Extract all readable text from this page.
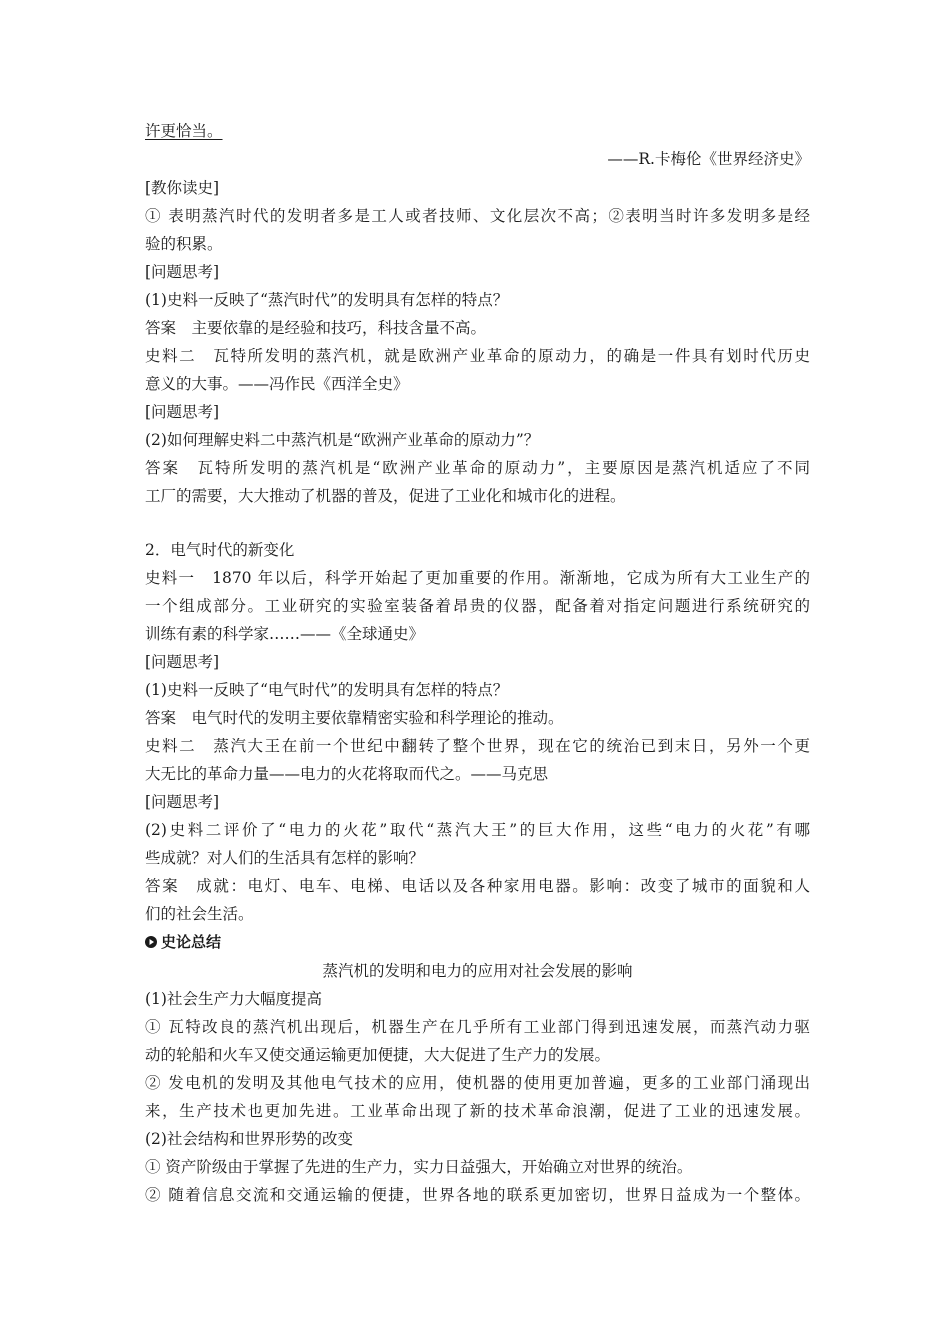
许更恰当。
——R.卡梅伦《世界经济史》
[教你读史]
① 表明蒸汽时代的发明者多是工人或者技师、文化层次不高；②表明当时许多发明多是经
验的积累。
[问题思考]
(1)史料一反映了“蒸汽时代”的发明具有怎样的特点？
答案　主要依靠的是经验和技巧，科技含量不高。
史料二　瓦特所发明的蒸汽机，就是欧洲产业革命的原动力，的确是一件具有划时代历史
意义的大事。——冯作民《西洋全史》
[问题思考]
(2)如何理解史料二中蒸汽机是“欧洲产业革命的原动力”？
答案　瓦特所发明的蒸汽机是“欧洲产业革命的原动力”，主要原因是蒸汽机适应了不同
工厂的需要，大大推动了机器的普及，促进了工业化和城市化的进程。
2．电气时代的新变化
史料一　1870 年以后，科学开始起了更加重要的作用。渐渐地，它成为所有大工业生产的
一个组成部分。工业研究的实验室装备着昂贵的仪器，配备着对指定问题进行系统研究的
训练有素的科学家……——《全球通史》
[问题思考]
(1)史料一反映了“电气时代”的发明具有怎样的特点？
答案　电气时代的发明主要依靠精密实验和科学理论的推动。
史料二　蒸汽大王在前一个世纪中翻转了整个世界，现在它的统治已到末日，另外一个更
大无比的革命力量——电力的火花将取而代之。——马克思
[问题思考]
(2)史料二评价了“电力的火花”取代“蒸汽大王”的巨大作用，这些“电力的火花”有哪
些成就？对人们的生活具有怎样的影响？
答案　成就：电灯、电车、电梯、电话以及各种家用电器。影响：改变了城市的面貌和人
们的社会生活。
史论总结
蒸汽机的发明和电力的应用对社会发展的影响
(1)社会生产力大幅度提高
① 瓦特改良的蒸汽机出现后，机器生产在几乎所有工业部门得到迅速发展，而蒸汽动力驱
动的轮船和火车又使交通运输更加便捷，大大促进了生产力的发展。
② 发电机的发明及其他电气技术的应用，使机器的使用更加普遍，更多的工业部门涌现出
来，生产技术也更加先进。工业革命出现了新的技术革命浪潮，促进了工业的迅速发展。
(2)社会结构和世界形势的改变
① 资产阶级由于掌握了先进的生产力，实力日益强大，开始确立对世界的统治。
② 随着信息交流和交通运输的便捷，世界各地的联系更加密切，世界日益成为一个整体。
